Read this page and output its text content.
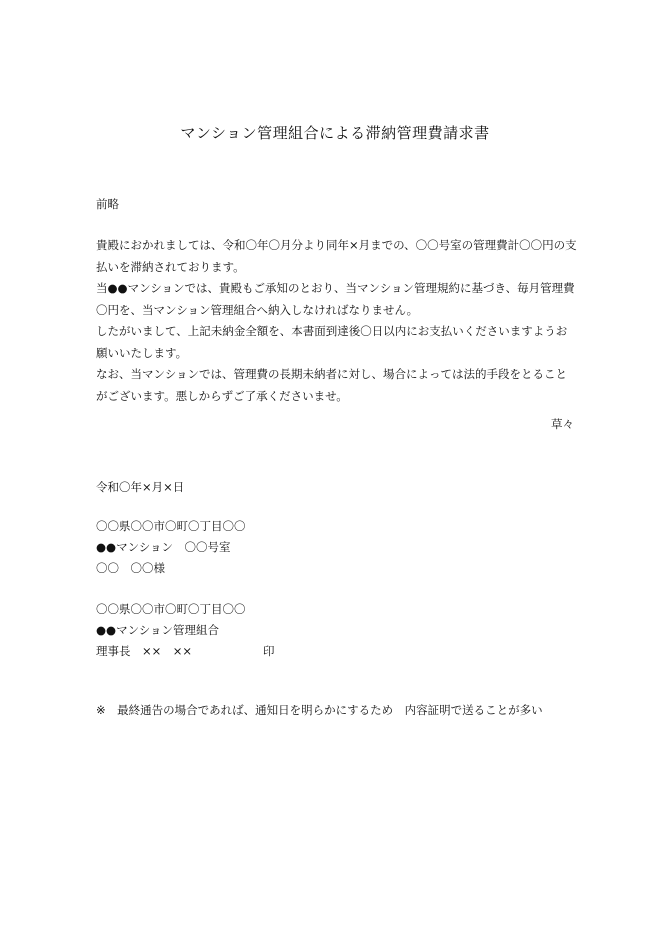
マンション管理組合による滞納管理費請求書
前略

貴殿におかれましては、令和〇年〇月分より同年×月までの、〇〇号室の管理費計〇〇円の支払いを滞納されております。

当●●マンションでは、貴殿もご承知のとおり、当マンション管理規約に基づき、毎月管理費〇円を、当マンション管理組合へ納入しなければなりません。

したがいまして、上記未納金全額を、本書面到達後〇日以内にお支払いくださいますようお願いいたします。

なお、当マンションでは、管理費の長期未納者に対し、場合によっては法的手段をとることがございます。悪しからずご了承くださいませ。

草々
令和〇年×月×日
〇〇県〇〇市〇町〇丁目〇〇
●●マンション　〇〇号室
〇〇　〇〇様
〇〇県〇〇市〇町〇丁目〇〇
●●マンション管理組合
理事長　××　××	印
※　最終通告の場合であれば、通知日を明らかにするため　内容証明で送ることが多い
